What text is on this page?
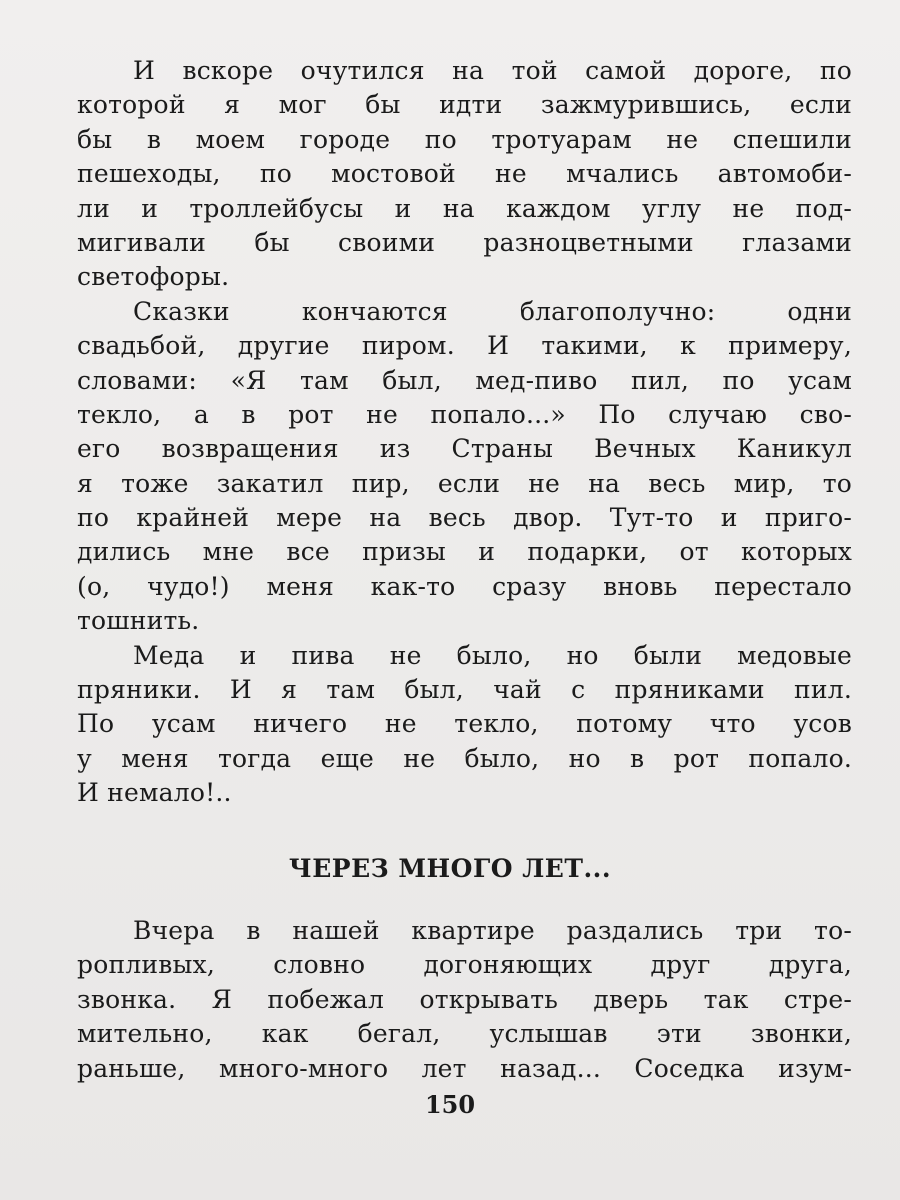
И вскоре очутился на той самой дороге, по
которой я мог бы идти зажмурившись, если
бы в моем городе по тротуарам не спешили
пешеходы, по мостовой не мчались автомоби-
ли и троллейбусы и на каждом углу не под-
мигивали бы своими разноцветными глазами
светофоры.
Сказки кончаются благополучно: одни
свадьбой, другие пиром. И такими, к примеру,
словами: «Я там был, мед-пиво пил, по усам
текло, а в рот не попало...» По случаю сво-
его возвращения из Страны Вечных Каникул
я тоже закатил пир, если не на весь мир, то
по крайней мере на весь двор. Тут-то и приго-
дились мне все призы и подарки, от которых
(о, чудо!) меня как-то сразу вновь перестало
тошнить.
Меда и пива не было, но были медовые
пряники. И я там был, чай с пряниками пил.
По усам ничего не текло, потому что усов
у меня тогда еще не было, но в рот попало.
И немало!..
ЧЕРЕЗ МНОГО ЛЕТ...
Вчера в нашей квартире раздались три то-
ропливых, словно догоняющих друг друга,
звонка. Я побежал открывать дверь так стре-
мительно, как бегал, услышав эти звонки,
раньше, много-много лет назад... Соседка изум-
150
